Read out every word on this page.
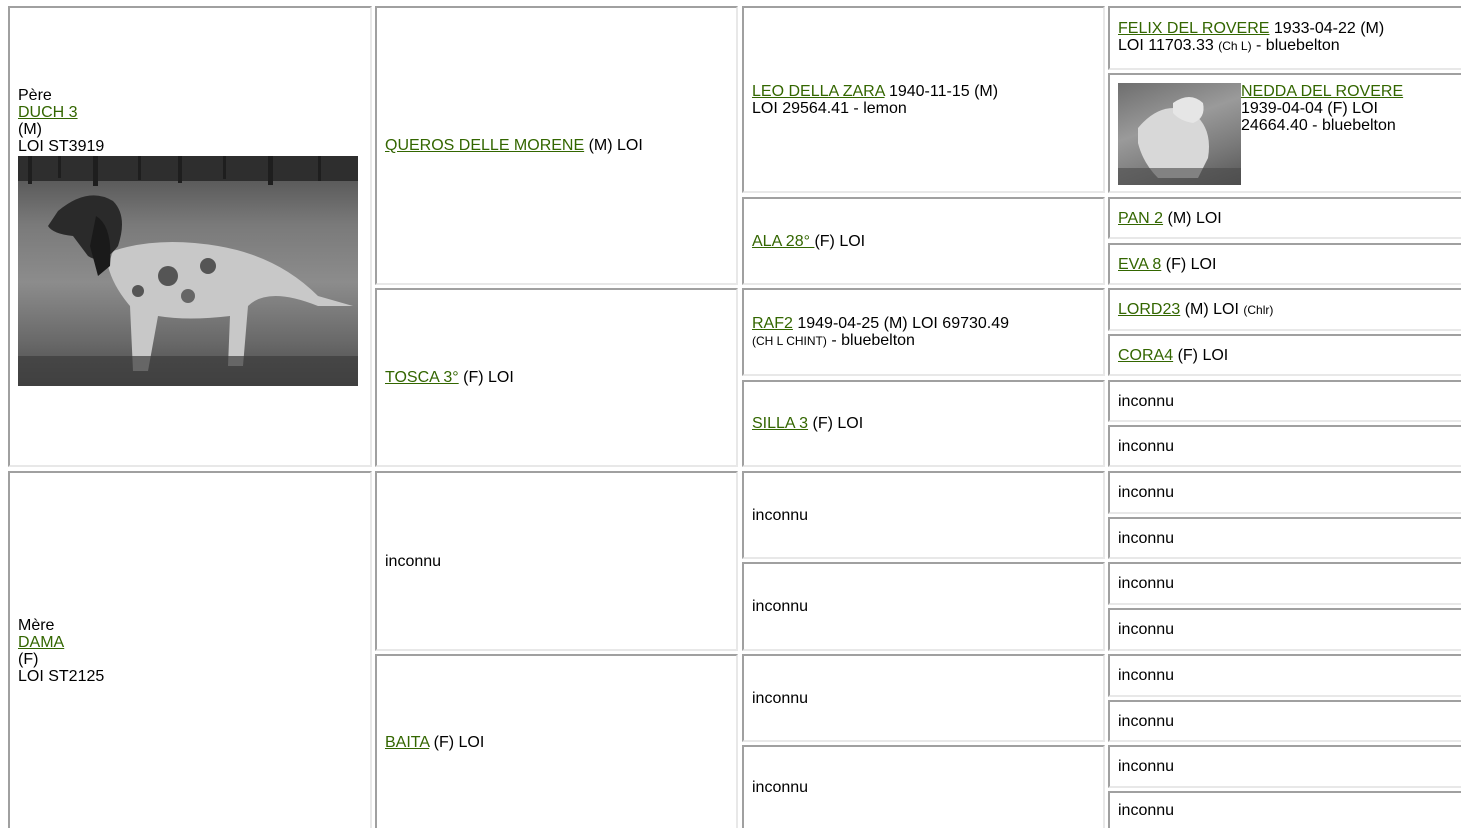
Père
DUCH 3
(M)
LOI ST3919
Mère
DAMA
(F)
LOI ST2125
QUEROS DELLE MORENE (M) LOI
TOSCA 3° (F) LOI
inconnu
BAITA (F) LOI
LEO DELLA ZARA 1940-11-15 (M)
LOI 29564.41 - lemon
ALA 28° (F) LOI
RAF2 1949-04-25 (M) LOI 69730.49
(CH L CHINT) - bluebelton
SILLA 3 (F) LOI
inconnu
inconnu
inconnu
inconnu
FELIX DEL ROVERE 1933-04-22 (M)
LOI 11703.33 (Ch L) - bluebelton
NEDDA DEL ROVERE
1939-04-04 (F) LOI
24664.40 - bluebelton
PAN 2 (M) LOI
EVA 8 (F) LOI
LORD23 (M) LOI (Chlr)
CORA4 (F) LOI
inconnu
inconnu
inconnu
inconnu
inconnu
inconnu
inconnu
inconnu
inconnu
inconnu
